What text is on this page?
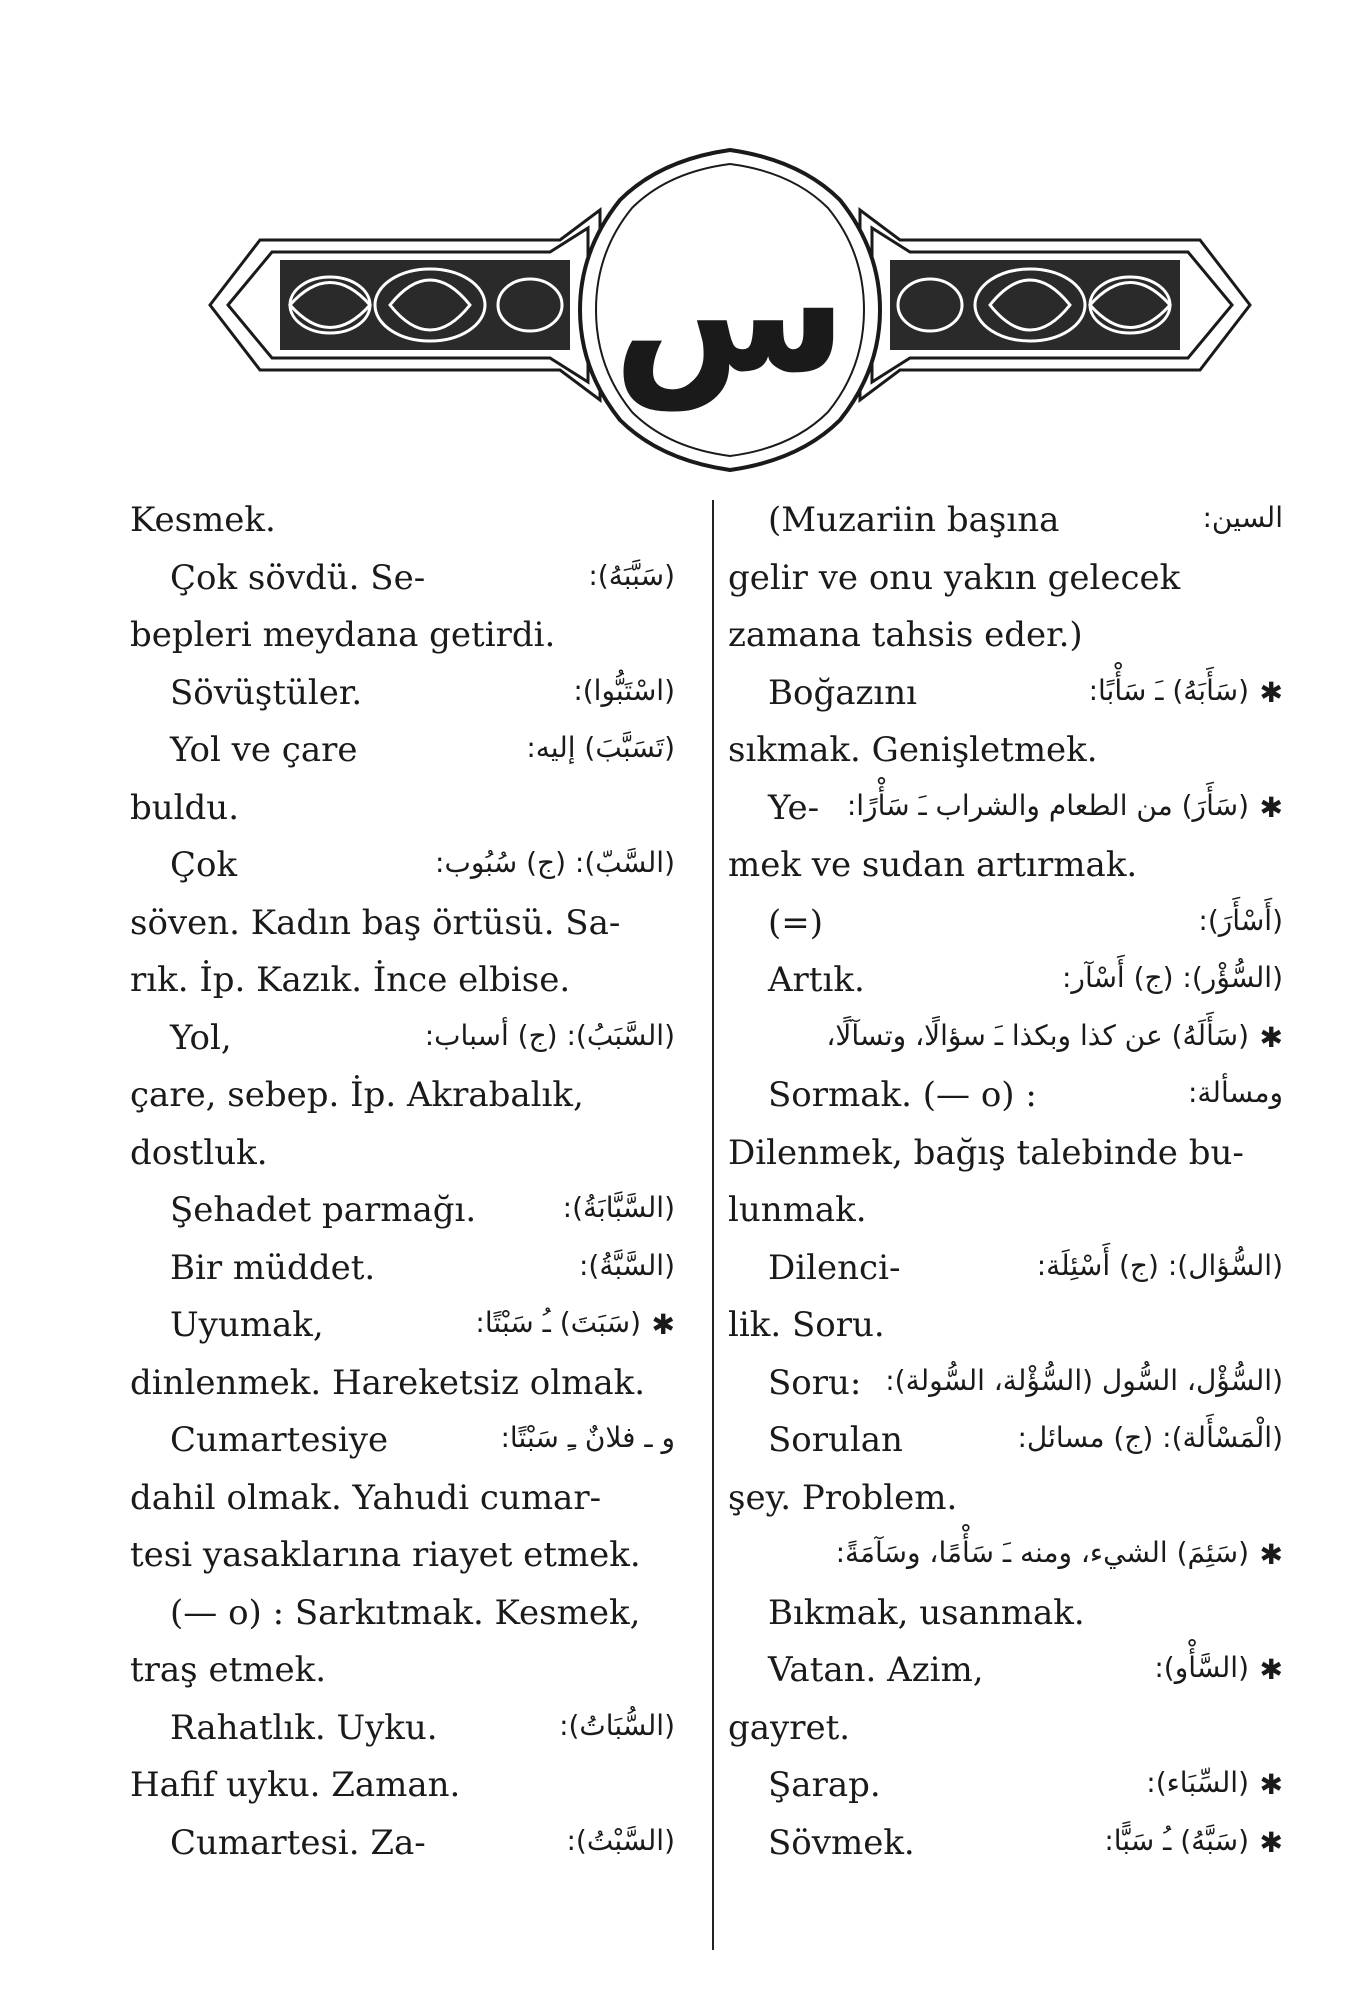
س
Kesmek.
Çok sövdü. Se-	(سَبَّبَهُ):
bepleri meydana getirdi.
Sövüştüler.	(اسْتَبُّوا):
Yol ve çare	(تَسَبَّبَ) إليه:
buldu.
Çok	(السَّبّ): (ج) سُبُوب:
söven. Kadın baş örtüsü. Sa-
rık. İp. Kazık. İnce elbise.
Yol,	(السَّبَبُ): (ج) أسباب:
çare, sebep. İp. Akrabalık,
dostluk.
Şehadet parmağı.	(السَّبَّابَةُ):
Bir müddet.	(السَّبَّةُ):
Uyumak,	(سَبَتَ) ـُ سَبْتًا: ✱
dinlenmek. Hareketsiz olmak.
Cumartesiye	و ـ فلانٌ ـِ سَبْتًا:
dahil olmak. Yahudi cumar-
tesi yasaklarına riayet etmek.
(— o) : Sarkıtmak. Kesmek,
traş etmek.
Rahatlık. Uyku.	(السُّبَاتُ):
Hafif uyku. Zaman.
Cumartesi. Za-	(السَّبْتُ):
(Muzariin başına	السين:
gelir ve onu yakın gelecek
zamana tahsis eder.)
Boğazını	(سَأَبَهُ) ـَ سَأْبًا: ✱
sıkmak. Genişletmek.
Ye- (سَأَرَ) من الطعام والشراب ـَ سَأْرًا: ✱
mek ve sudan artırmak.
(=)	(أَسْأَرَ):
Artık.	(السُّؤْر): (ج) أَسْآر:
(سَأَلَهُ) عن كذا وبكذا ـَ سؤالًا، وتسآلًا، ✱
Sormak. (— o) :	ومسألة:
Dilenmek, bağış talebinde bu-
lunmak.
Dilenci-	(السُّؤال): (ج) أَسْئِلَة:
lik. Soru.
Soru: (السُّؤْل، السُّول (السُّؤْلة، السُّولة):
Sorulan	(الْمَسْأَلة): (ج) مسائل:
şey. Problem.
(سَئِمَ) الشيء، ومنه ـَ سَأْمًا، وسَآمَةً: ✱
Bıkmak, usanmak.
Vatan. Azim,	(السَّأْو): ✱
gayret.
Şarap.	(السِّبَاء): ✱
Sövmek.	(سَبَّهُ) ـُ سَبًّا: ✱
